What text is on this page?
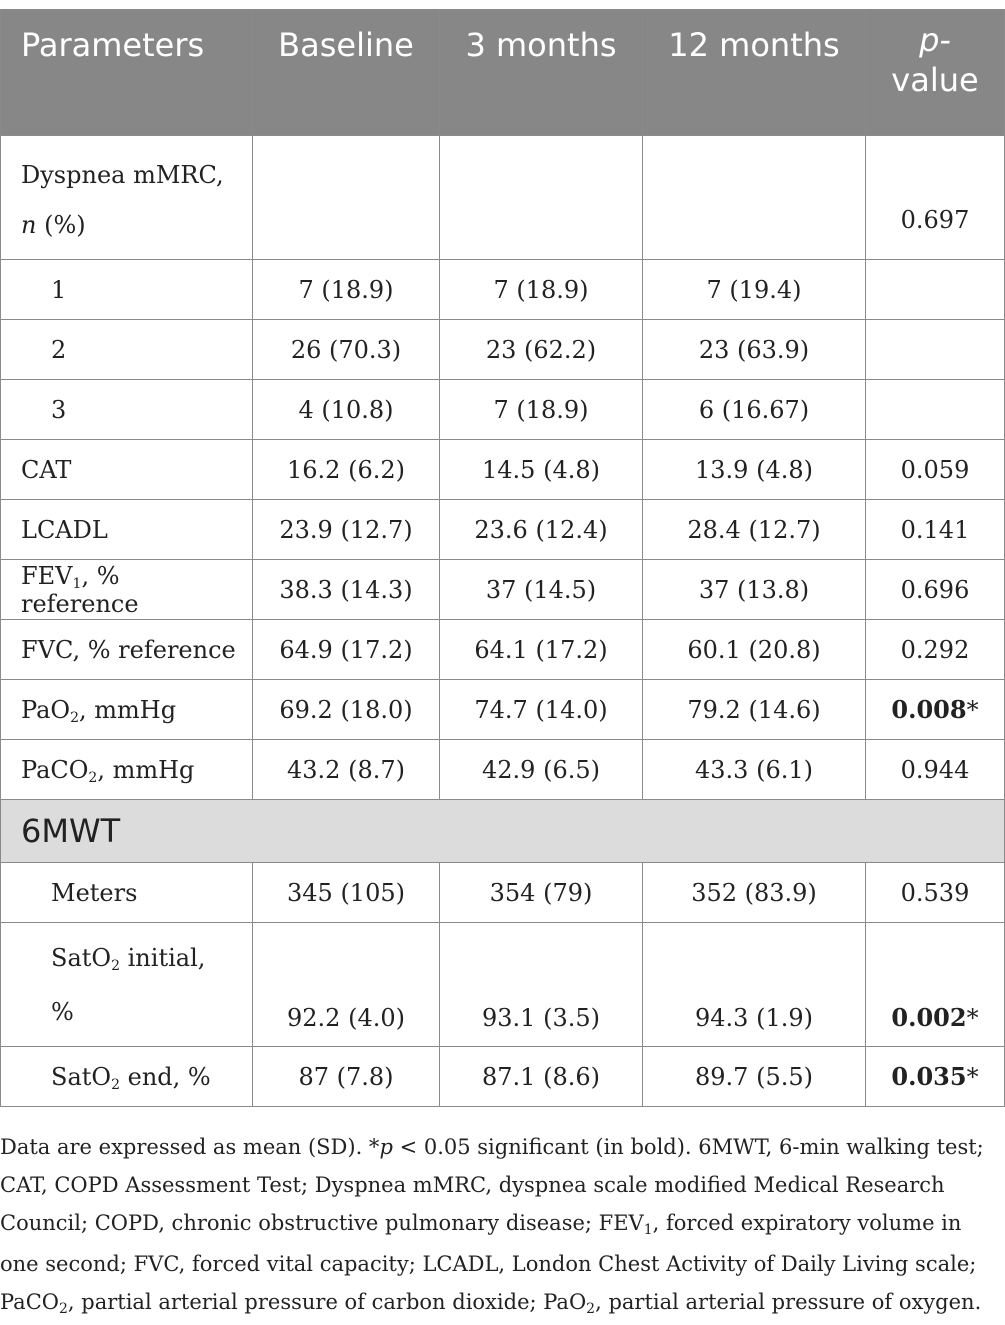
Parameters	Baseline	3 months	12 months	p-
value
Dyspnea mMRC,
n (%)				0.697
1	7 (18.9)	7 (18.9)	7 (19.4)	
2	26 (70.3)	23 (62.2)	23 (63.9)	
3	4 (10.8)	7 (18.9)	6 (16.67)	
CAT	16.2 (6.2)	14.5 (4.8)	13.9 (4.8)	0.059
LCADL	23.9 (12.7)	23.6 (12.4)	28.4 (12.7)	0.141
$FEV_1$, % reference	38.3 (14.3)	37 (14.5)	37 (13.8)	0.696
FVC, % reference	64.9 (17.2)	64.1 (17.2)	60.1 (20.8)	0.292
PaO$_2$, mmHg	69.2 (18.0)	74.7 (14.0)	79.2 (14.6)	0.008*
PaCO$_2$, mmHg	43.2 (8.7)	42.9 (6.5)	43.3 (6.1)	0.944
6MWT				
Meters	345 (105)	354 (79)	352 (83.9)	0.539
SatO$_2$ initial,
%	92.2 (4.0)	93.1 (3.5)	94.3 (1.9)	0.002*
SatO$_2$ end, %	87 (7.8)	87.1 (8.6)	89.7 (5.5)	0.035*

Data are expressed as mean (SD). *p < 0.05 significant (in bold). 6MWT, 6-min walking test; CAT, COPD Assessment Test; Dyspnea mMRC, dyspnea scale modified Medical Research Council; COPD, chronic obstructive pulmonary disease; $FEV_1$, forced expiratory volume in one second; FVC, forced vital capacity; LCADL, London Chest Activity of Daily Living scale; PaCO$_2$, partial arterial pressure of carbon dioxide; PaO$_2$, partial arterial pressure of oxygen.
